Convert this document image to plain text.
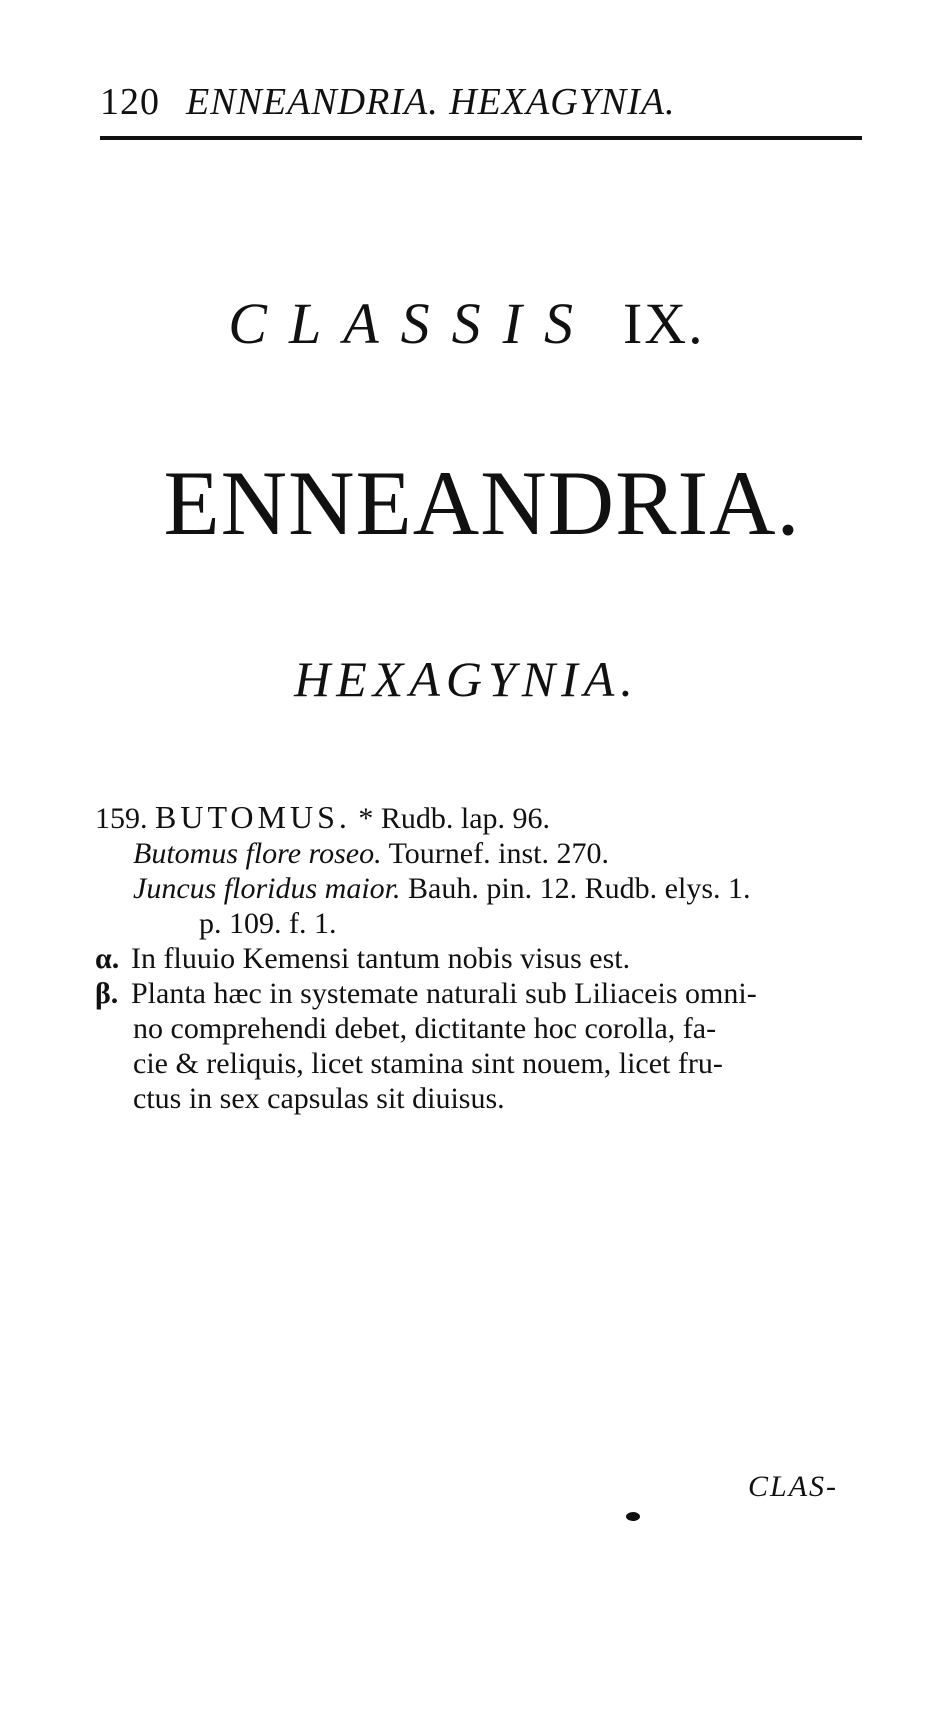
120 ENNEANDRIA. HEXAGYNIA.
CLASSIS IX.
ENNEANDRIA.
HEXAGYNIA.
159. BUTOMUS. * Rudb. lap. 96.
Butomus flore roseo. Tournef. inst. 270.
Juncus floridus maior. Bauh. pin. 12. Rudb. elys. 1.
p. 109. f. 1.
α. In fluuio Kemensi tantum nobis visus est.
β. Planta hæc in systemate naturali sub Liliaceis omni-
no comprehendi debet, dictitante hoc corolla, fa-
cie & reliquis, licet stamina sint nouem, licet fru-
ctus in sex capsulas sit diuisus.
CLAS-
